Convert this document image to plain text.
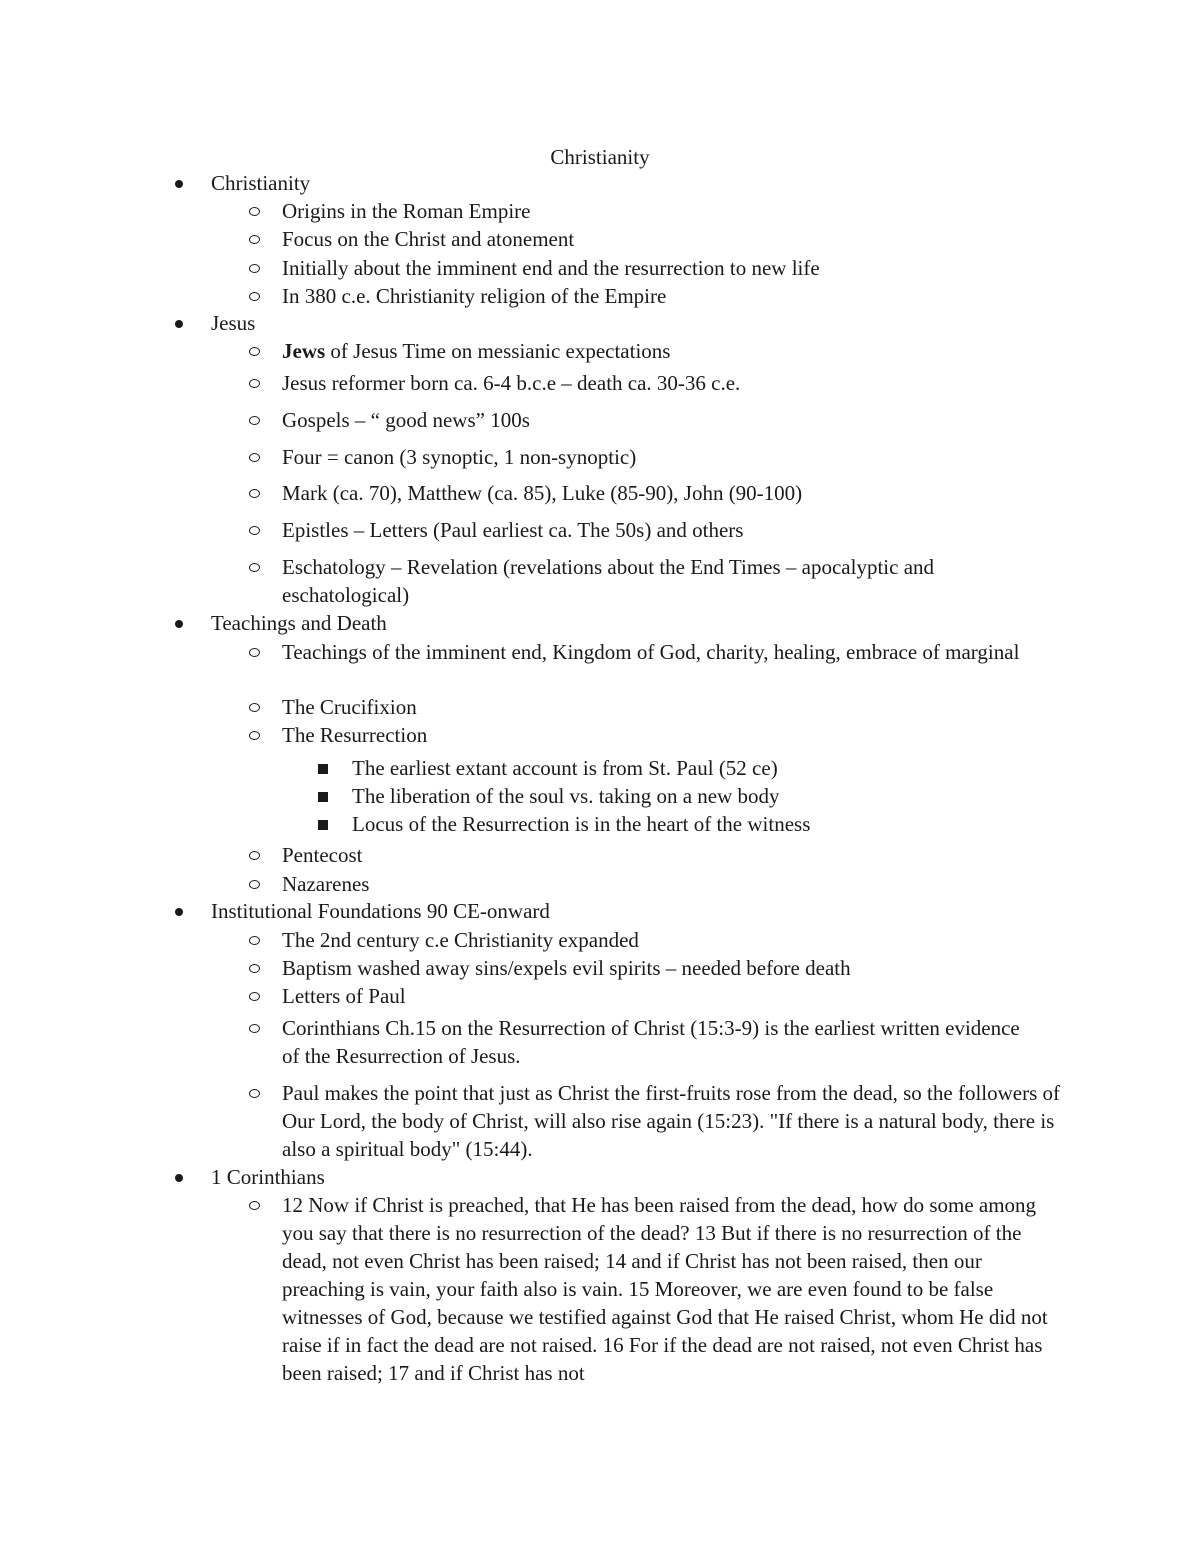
Christianity
Christianity
Origins in the Roman Empire
Focus on the Christ and atonement
Initially about the imminent end and the resurrection to new life
In 380 c.e. Christianity religion of the Empire
Jesus
Jews of Jesus Time on messianic expectations
Jesus reformer born ca. 6-4 b.c.e – death ca. 30-36 c.e.
Gospels – “ good news” 100s
Four = canon (3 synoptic, 1 non-synoptic)
Mark (ca. 70), Matthew (ca. 85), Luke (85-90), John (90-100)
Epistles – Letters (Paul earliest ca. The 50s) and others
Eschatology – Revelation (revelations about the End Times – apocalyptic and eschatological)
Teachings and Death
Teachings of the imminent end, Kingdom of God, charity, healing, embrace of marginal
The Crucifixion
The Resurrection
The earliest extant account is from St. Paul (52 ce)
The liberation of the soul vs. taking on a new body
Locus of the Resurrection is in the heart of the witness
Pentecost
Nazarenes
Institutional Foundations 90 CE-onward
The 2nd century c.e Christianity expanded
Baptism washed away sins/expels evil spirits – needed before death
Letters of Paul
Corinthians Ch.15 on the Resurrection of Christ (15:3-9) is the earliest written evidence of the Resurrection of Jesus.
Paul makes the point that just as Christ the first-fruits rose from the dead, so the followers of Our Lord, the body of Christ, will also rise again (15:23). "If there is a natural body, there is also a spiritual body" (15:44).
1 Corinthians
12 Now if Christ is preached, that He has been raised from the dead, how do some among you say that there is no resurrection of the dead? 13 But if there is no resurrection of the dead, not even Christ has been raised; 14 and if Christ has not been raised, then our preaching is vain, your faith also is vain. 15 Moreover, we are even found to be false witnesses of God, because we testified against God that He raised Christ, whom He did not raise if in fact the dead are not raised. 16 For if the dead are not raised, not even Christ has been raised; 17 and if Christ has not
